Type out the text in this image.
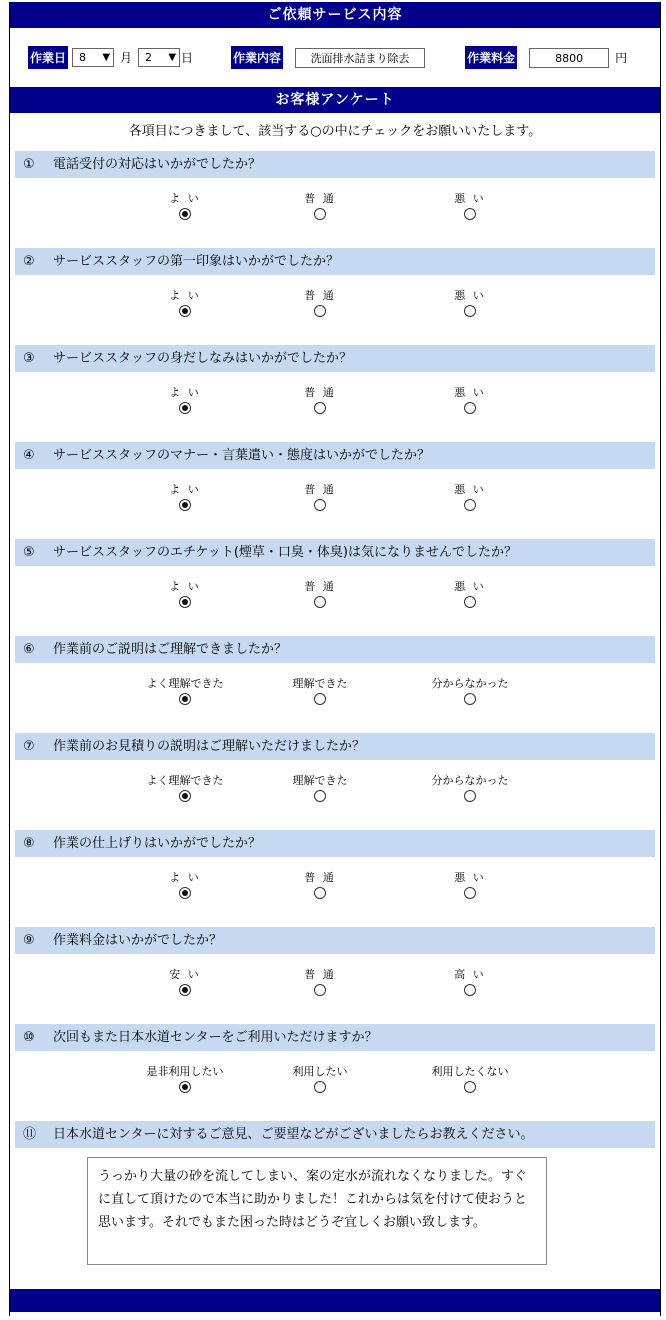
ご依頼サービス内容
作業日 8 ▼ 月 2 ▼ 日	作業内容	洗面排水詰まり除去	作業料金	8800	円
お客様アンケート
各項目につきまして、該当する○の中にチェックをお願いいたします。
① 電話受付の対応はいかがでしたか？
よ い	普 通	悪 い
② サービススタッフの第一印象はいかがでしたか？
よ い	普 通	悪 い
③ サービススタッフの身だしなみはいかがでしたか？
よ い	普 通	悪 い
④ サービススタッフのマナー・言葉遣い・態度はいかがでしたか？
よ い	普 通	悪 い
⑤ サービススタッフのエチケット(煙草・口臭・体臭)は気になりませんでしたか？
よ い	普 通	悪 い
⑥ 作業前のご説明はご理解できましたか？
よく理解できた	理解できた	分からなかった
⑦ 作業前のお見積りの説明はご理解いただけましたか？
よく理解できた	理解できた	分からなかった
⑧ 作業の仕上げりはいかがでしたか？
よ い	普 通	悪 い
⑨ 作業料金はいかがでしたか？
安 い	普 通	高 い
⑩ 次回もまた日本水道センターをご利用いただけますか？
是非利用したい	利用したい	利用したくない
⑪ 日本水道センターに対するご意見、ご要望などがございましたらお教えください。
うっかり大量の砂を流してしまい、案の定水が流れなくなりました。すぐに直して頂けたので本当に助かりました！これからは気を付けて使おうと思います。それでもまた困った時はどうぞ宜しくお願い致します。
